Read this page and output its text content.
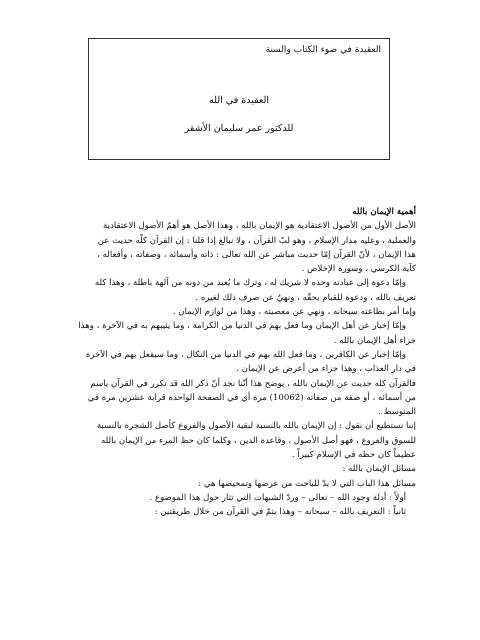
العقيدة في ضوء الكتاب والسنة
العقيدة في الله
للدكتور عمر سليمان الأشقر

أهمية الإيمان بالله

الأصل الأول من الأصول الاعتقادية هو الإيمان بالله ، وهذا الأصل هو أهمّ الأصول الاعتقادية

والعملية ، وعليه مدار الإسلام ، وهو لبّ القرآن ، ولا نبالغ إذا قلنا : إن القرآن كلّه حديث عن

هذا الإيمان ، لأنّ القرآن إمّا حديث مباشر عن الله تعالى : ذاته وأسمائه ، وصفاته ، وأفعاله ،

كآية الكرسي ، وسورة الإخلاص .

وإمّا دعوة إلى عبادته وحده لا شريك له ، وترك ما يُعبد من دونه من آلهة باطلة ، وهذا كله

تعريف بالله ، ودعوة للقيام بحقّه ، ونهيٌ عن صرف ذلك لغيره .

وإما أمر بطاعته سبحانه ، ونهي عن معصيته ، وهذا من لوازم الإيمان .

وإمّا إخبار عن أهل الإيمان وما فعل بهم في الدنيا من الكرامة ، وما يثيبهم به في الآخرة ، وهذا

جزاء أهل الإيمان بالله .

وإمّا إخبار عن الكافرين ، وما فعل الله بهم في الدنيا من النكال ، وما سيفعل بهم في الآخرة

في دار العذاب ، وهذا جزاء من أعرض عن الإيمان .

فالقرآن كله حديث عن الإيمان بالله ، يوضح هذا أنّنا نجد أنّ ذكر الله قد تكرر في القرآن باسم

من أسمائه ، أو صفة من صفاته (10062) مرة أي في الصفحة الواحدة قرابة عشرين مرة في

المتوسط .

إننا نستطيع أن نقول : إن الإيمان بالله بالنسبة لبقية الأصول والفروع كأصل الشجرة بالنسبة

للسوق والفروع ، فهو أصل الأصول ، وقاعدة الدين ، وكلما كان حظ المرء من الإيمان بالله

عظيماً كان حظه في الإسلام كبيراً .

مسائل الإيمان بالله :

مسائل هذا الباب التي لا بدّ للباحث من عرضها وتمحيصها هي :

أولاً : أدلة وجود الله – تعالى – وردّ الشبهات التي تثار حول هذا الموضوع .

ثانياً : التعريف بالله – سبحانه – وهذا يتمّ في القرآن من خلال طريقتين :
